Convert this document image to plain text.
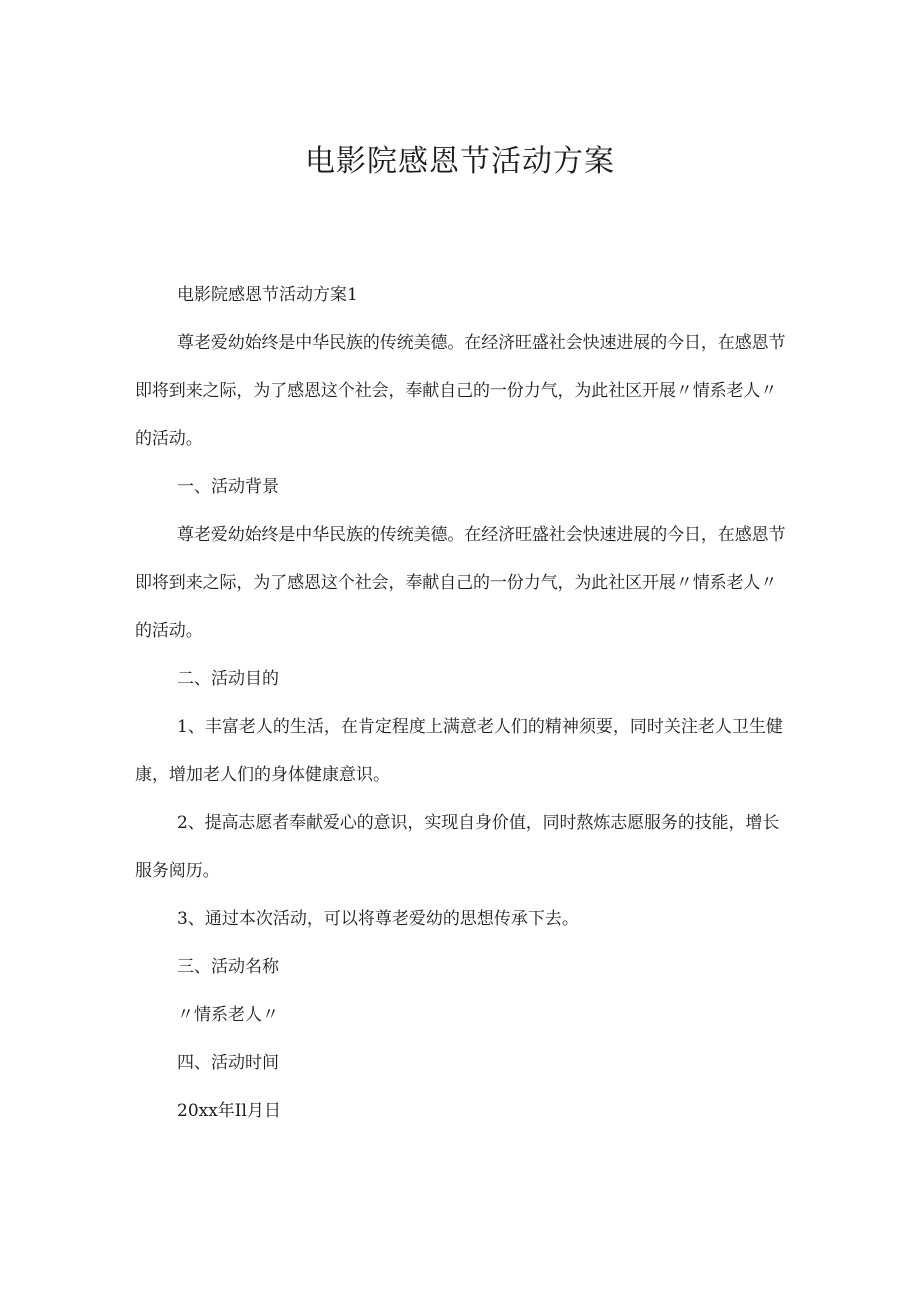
电影院感恩节活动方案

电影院感恩节活动方案1

尊老爱幼始终是中华民族的传统美德。在经济旺盛社会快速进展的今日，在感恩节即将到来之际，为了感恩这个社会，奉献自己的一份力气，为此社区开展〃情系老人〃的活动。

一、活动背景

尊老爱幼始终是中华民族的传统美德。在经济旺盛社会快速进展的今日，在感恩节即将到来之际，为了感恩这个社会，奉献自己的一份力气，为此社区开展〃情系老人〃的活动。

二、活动目的

1、丰富老人的生活，在肯定程度上满意老人们的精神须要，同时关注老人卫生健康，增加老人们的身体健康意识。

2、提高志愿者奉献爱心的意识，实现自身价值，同时熬炼志愿服务的技能，增长服务阅历。

3、通过本次活动，可以将尊老爱幼的思想传承下去。

三、活动名称

〃情系老人〃

四、活动时间

20xx年Il月日
